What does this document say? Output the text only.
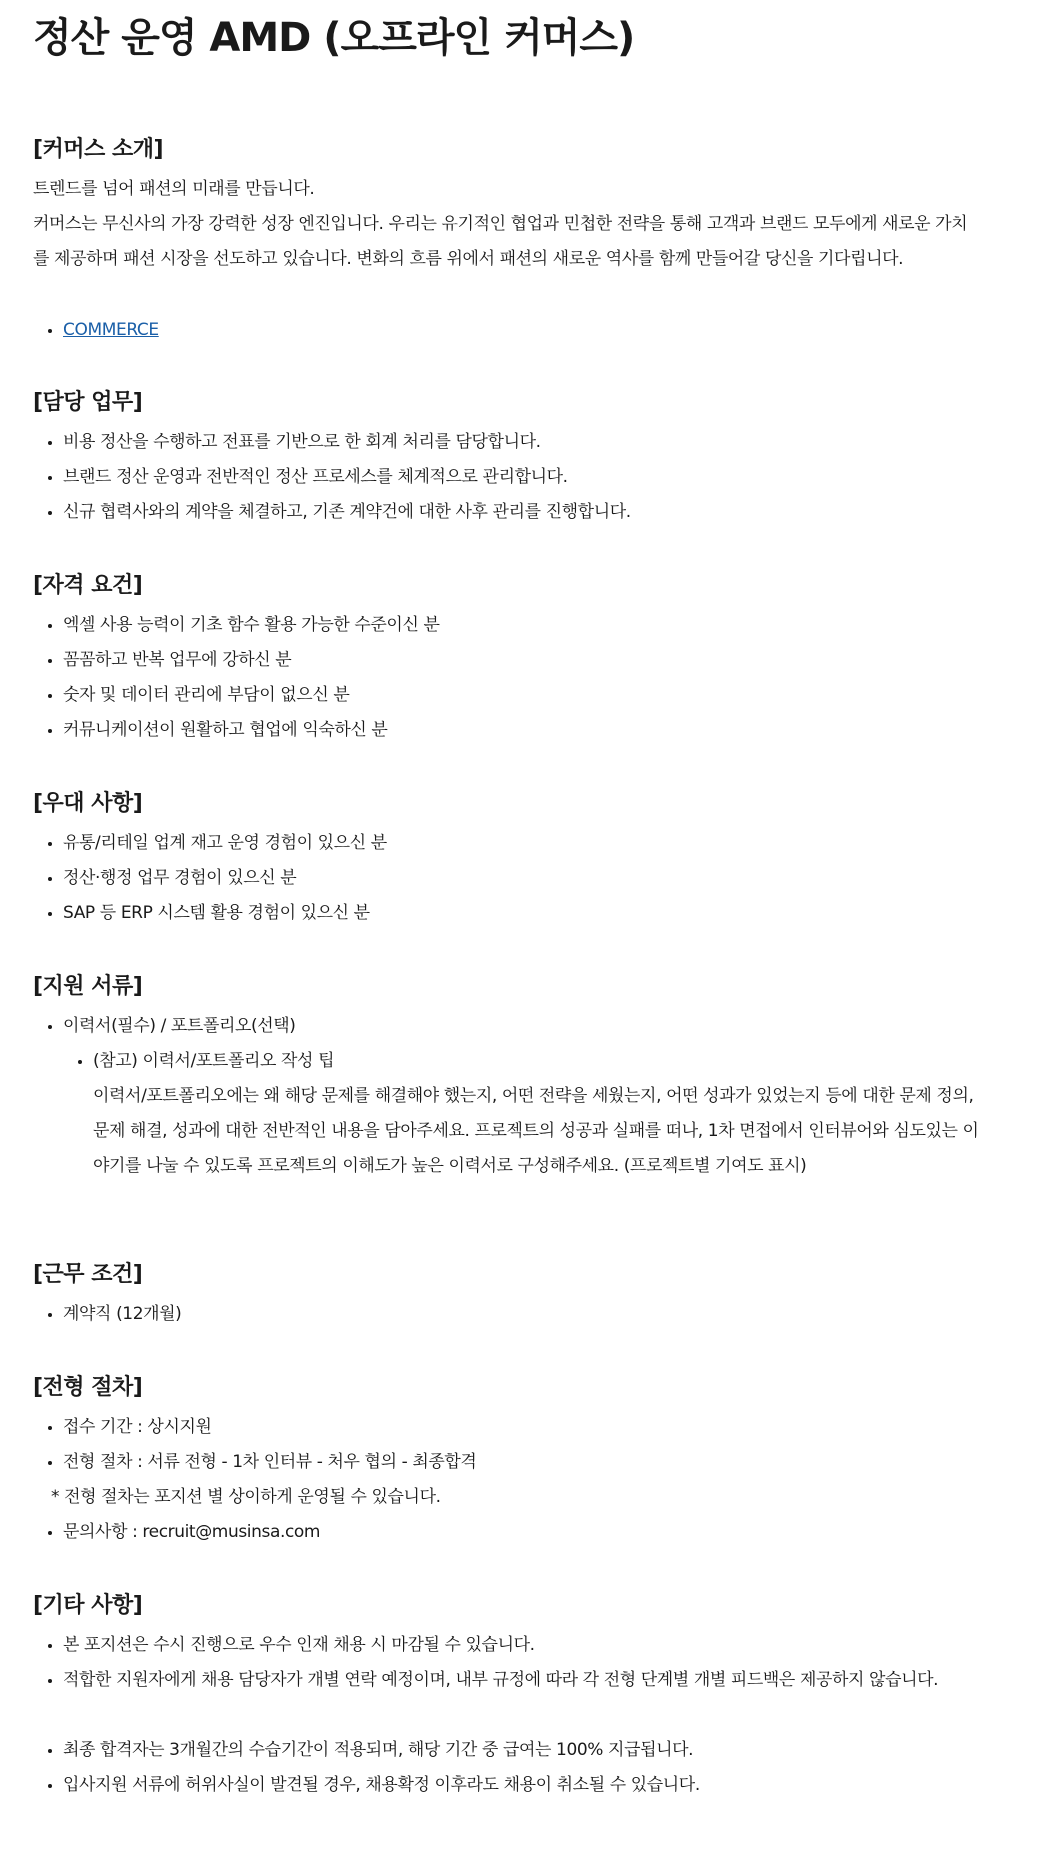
정산 운영 AMD (오프라인 커머스)
[커머스 소개]

트렌드를 넘어 패션의 미래를 만듭니다.

커머스는 무신사의 가장 강력한 성장 엔진입니다. 우리는 유기적인 협업과 민첩한 전략을 통해 고객과 브랜드 모두에게 새로운 가치를 제공하며 패션 시장을 선도하고 있습니다. 변화의 흐름 위에서 패션의 새로운 역사를 함께 만들어갈 당신을 기다립니다.

COMMERCE
[담당 업무]
비용 정산을 수행하고 전표를 기반으로 한 회계 처리를 담당합니다.
브랜드 정산 운영과 전반적인 정산 프로세스를 체계적으로 관리합니다.
신규 협력사와의 계약을 체결하고, 기존 계약건에 대한 사후 관리를 진행합니다.
[자격 요건]
엑셀 사용 능력이 기초 함수 활용 가능한 수준이신 분
꼼꼼하고 반복 업무에 강하신 분
숫자 및 데이터 관리에 부담이 없으신 분
커뮤니케이션이 원활하고 협업에 익숙하신 분
[우대 사항]
유통/리테일 업계 재고 운영 경험이 있으신 분
정산·행정 업무 경험이 있으신 분
SAP 등 ERP 시스템 활용 경험이 있으신 분
[지원 서류]
이력서(필수) / 포트폴리오(선택)
(참고) 이력서/포트폴리오 작성 팁
이력서/포트폴리오에는 왜 해당 문제를 해결해야 했는지, 어떤 전략을 세웠는지, 어떤 성과가 있었는지 등에 대한 문제 정의, 문제 해결, 성과에 대한 전반적인 내용을 담아주세요. 프로젝트의 성공과 실패를 떠나, 1차 면접에서 인터뷰어와 심도있는 이야기를 나눌 수 있도록 프로젝트의 이해도가 높은 이력서로 구성해주세요. (프로젝트별 기여도 표시)
[근무 조건]
계약직 (12개월)
[전형 절차]
접수 기간 : 상시지원
전형 절차 : 서류 전형 - 1차 인터뷰 - 처우 협의 - 최종합격
* 전형 절차는 포지션 별 상이하게 운영될 수 있습니다.
문의사항 : recruit@musinsa.com
[기타 사항]
본 포지션은 수시 진행으로 우수 인재 채용 시 마감될 수 있습니다.
적합한 지원자에게 채용 담당자가 개별 연락 예정이며, 내부 규정에 따라 각 전형 단계별 개별 피드백은 제공하지 않습니다.
최종 합격자는 3개월간의 수습기간이 적용되며, 해당 기간 중 급여는 100% 지급됩니다.
입사지원 서류에 허위사실이 발견될 경우, 채용확정 이후라도 채용이 취소될 수 있습니다.
